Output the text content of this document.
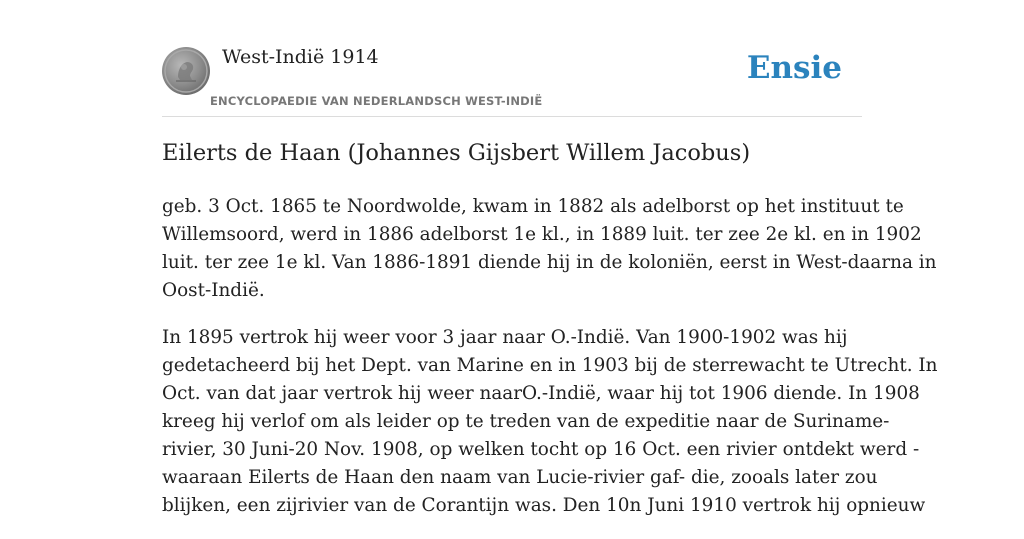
West-Indië 1914
ENCYCLOPAEDIE VAN NEDERLANDSCH WEST-INDIË
Ensie
Eilerts de Haan (Johannes Gijsbert Willem Jacobus)

geb. 3 Oct. 1865 te Noordwolde, kwam in 1882 als adelborst op het instituut te
Willemsoord, werd in 1886 adelborst 1e kl., in 1889 luit. ter zee 2e kl. en in 1902
luit. ter zee 1e kl. Van 1886-1891 diende hij in de koloniën, eerst in West-daarna in
Oost-Indië.

In 1895 vertrok hij weer voor 3 jaar naar O.-Indië. Van 1900-1902 was hij
gedetacheerd bij het Dept. van Marine en in 1903 bij de sterrewacht te Utrecht. In
Oct. van dat jaar vertrok hij weer naarO.-Indië, waar hij tot 1906 diende. In 1908
kreeg hij verlof om als leider op te treden van de expeditie naar de Suriname-
rivier, 30 Juni-20 Nov. 1908, op welken tocht op 16 Oct. een rivier ontdekt werd -
waaraan Eilerts de Haan den naam van Lucie-rivier gaf- die, zooals later zou
blijken, een zijrivier van de Corantijn was. Den 10n Juni 1910 vertrok hij opnieuw
